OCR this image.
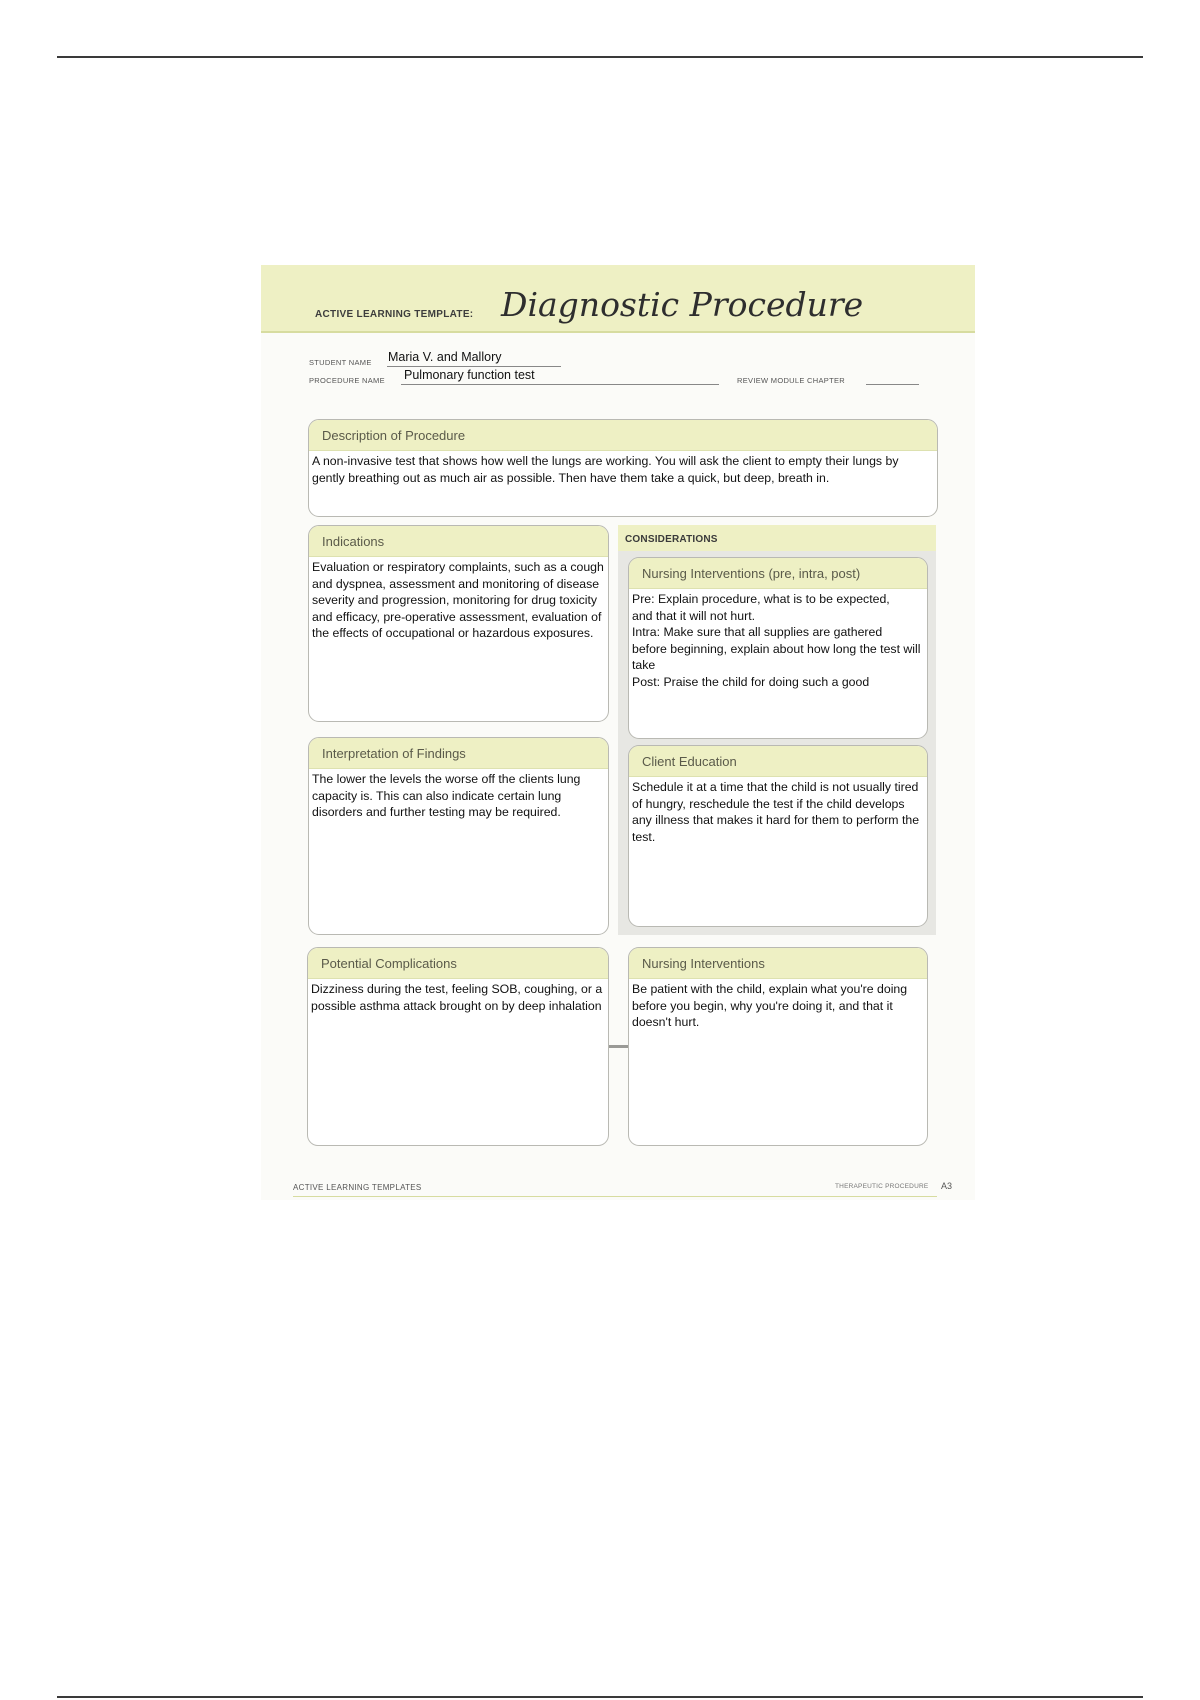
ACTIVE LEARNING TEMPLATE: Diagnostic Procedure
STUDENT NAME Maria V. and Mallory
PROCEDURE NAME Pulmonary function test	REVIEW MODULE CHAPTER
Description of Procedure
A non-invasive test that shows how well the lungs are working. You will ask the client to empty their lungs by
gently breathing out as much air as possible. Then have them take a quick, but deep, breath in.
Indications
Evaluation or respiratory complaints, such as a cough and dyspnea, assessment and monitoring of disease severity and progression, monitoring for drug toxicity and efficacy, pre-operative assessment, evaluation of the effects of occupational or hazardous exposures.
CONSIDERATIONS
Nursing Interventions (pre, intra, post)
Pre: Explain procedure, what is to be expected,
and that it will not hurt.
Intra: Make sure that all supplies are gathered
before beginning, explain about how long the test will take
Post: Praise the child for doing such a good
Client Education
Schedule it at a time that the child is not usually tired of hungry, reschedule the test if the child develops any illness that makes it hard for them to perform the test.
Interpretation of Findings
The lower the levels the worse off the clients lung capacity is. This can also indicate certain lung disorders and further testing may be required.
Potential Complications
Dizziness during the test, feeling SOB, coughing, or a possible asthma attack brought on by deep inhalation
Nursing Interventions
Be patient with the child, explain what you're doing before you begin, why you're doing it, and that it doesn't hurt.
ACTIVE LEARNING TEMPLATES	THERAPEUTIC PROCEDURE A3
